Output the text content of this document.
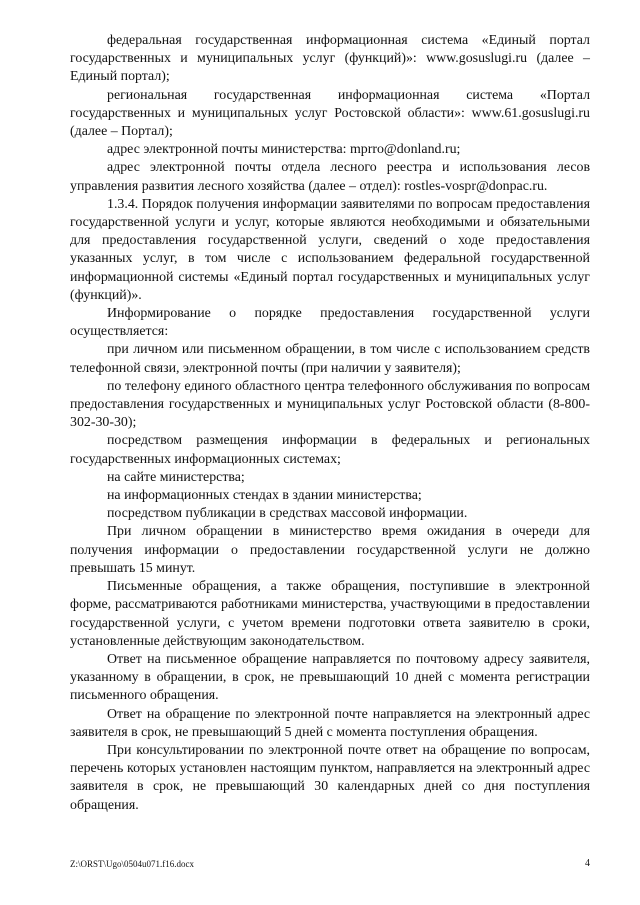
федеральная государственная информационная система «Единый портал государственных и муниципальных услуг (функций)»: www.gosuslugi.ru (далее – Единый портал);

региональная государственная информационная система «Портал государственных и муниципальных услуг Ростовской области»: www.61.gosuslugi.ru (далее – Портал);

адрес электронной почты министерства: mprro@donland.ru;

адрес электронной почты отдела лесного реестра и использования лесов управления развития лесного хозяйства (далее – отдел): rostles-vospr@donpac.ru.

1.3.4. Порядок получения информации заявителями по вопросам предоставления государственной услуги и услуг, которые являются необходимыми и обязательными для предоставления государственной услуги, сведений о ходе предоставления указанных услуг, в том числе с использованием федеральной государственной информационной системы «Единый портал государственных и муниципальных услуг (функций)».

Информирование о порядке предоставления государственной услуги осуществляется:

при личном или письменном обращении, в том числе с использованием средств телефонной связи, электронной почты (при наличии у заявителя);

по телефону единого областного центра телефонного обслуживания по вопросам предоставления государственных и муниципальных услуг Ростовской области (8-800-302-30-30);

посредством размещения информации в федеральных и региональных государственных информационных системах;

на сайте министерства;

на информационных стендах в здании министерства;

посредством публикации в средствах массовой информации.

При личном обращении в министерство время ожидания в очереди для получения информации о предоставлении государственной услуги не должно превышать 15 минут.

Письменные обращения, а также обращения, поступившие в электронной форме, рассматриваются работниками министерства, участвующими в предоставлении государственной услуги, с учетом времени подготовки ответа заявителю в сроки, установленные действующим законодательством.

Ответ на письменное обращение направляется по почтовому адресу заявителя, указанному в обращении, в срок, не превышающий 10 дней с момента регистрации письменного обращения.

Ответ на обращение по электронной почте направляется на электронный адрес заявителя в срок, не превышающий 5 дней с момента поступления обращения.

При консультировании по электронной почте ответ на обращение по вопросам, перечень которых установлен настоящим пунктом, направляется на электронный адрес заявителя в срок, не превышающий 30 календарных дней со дня поступления обращения.

Z:\ORST\Ugo\0504u071.f16.docx	4
